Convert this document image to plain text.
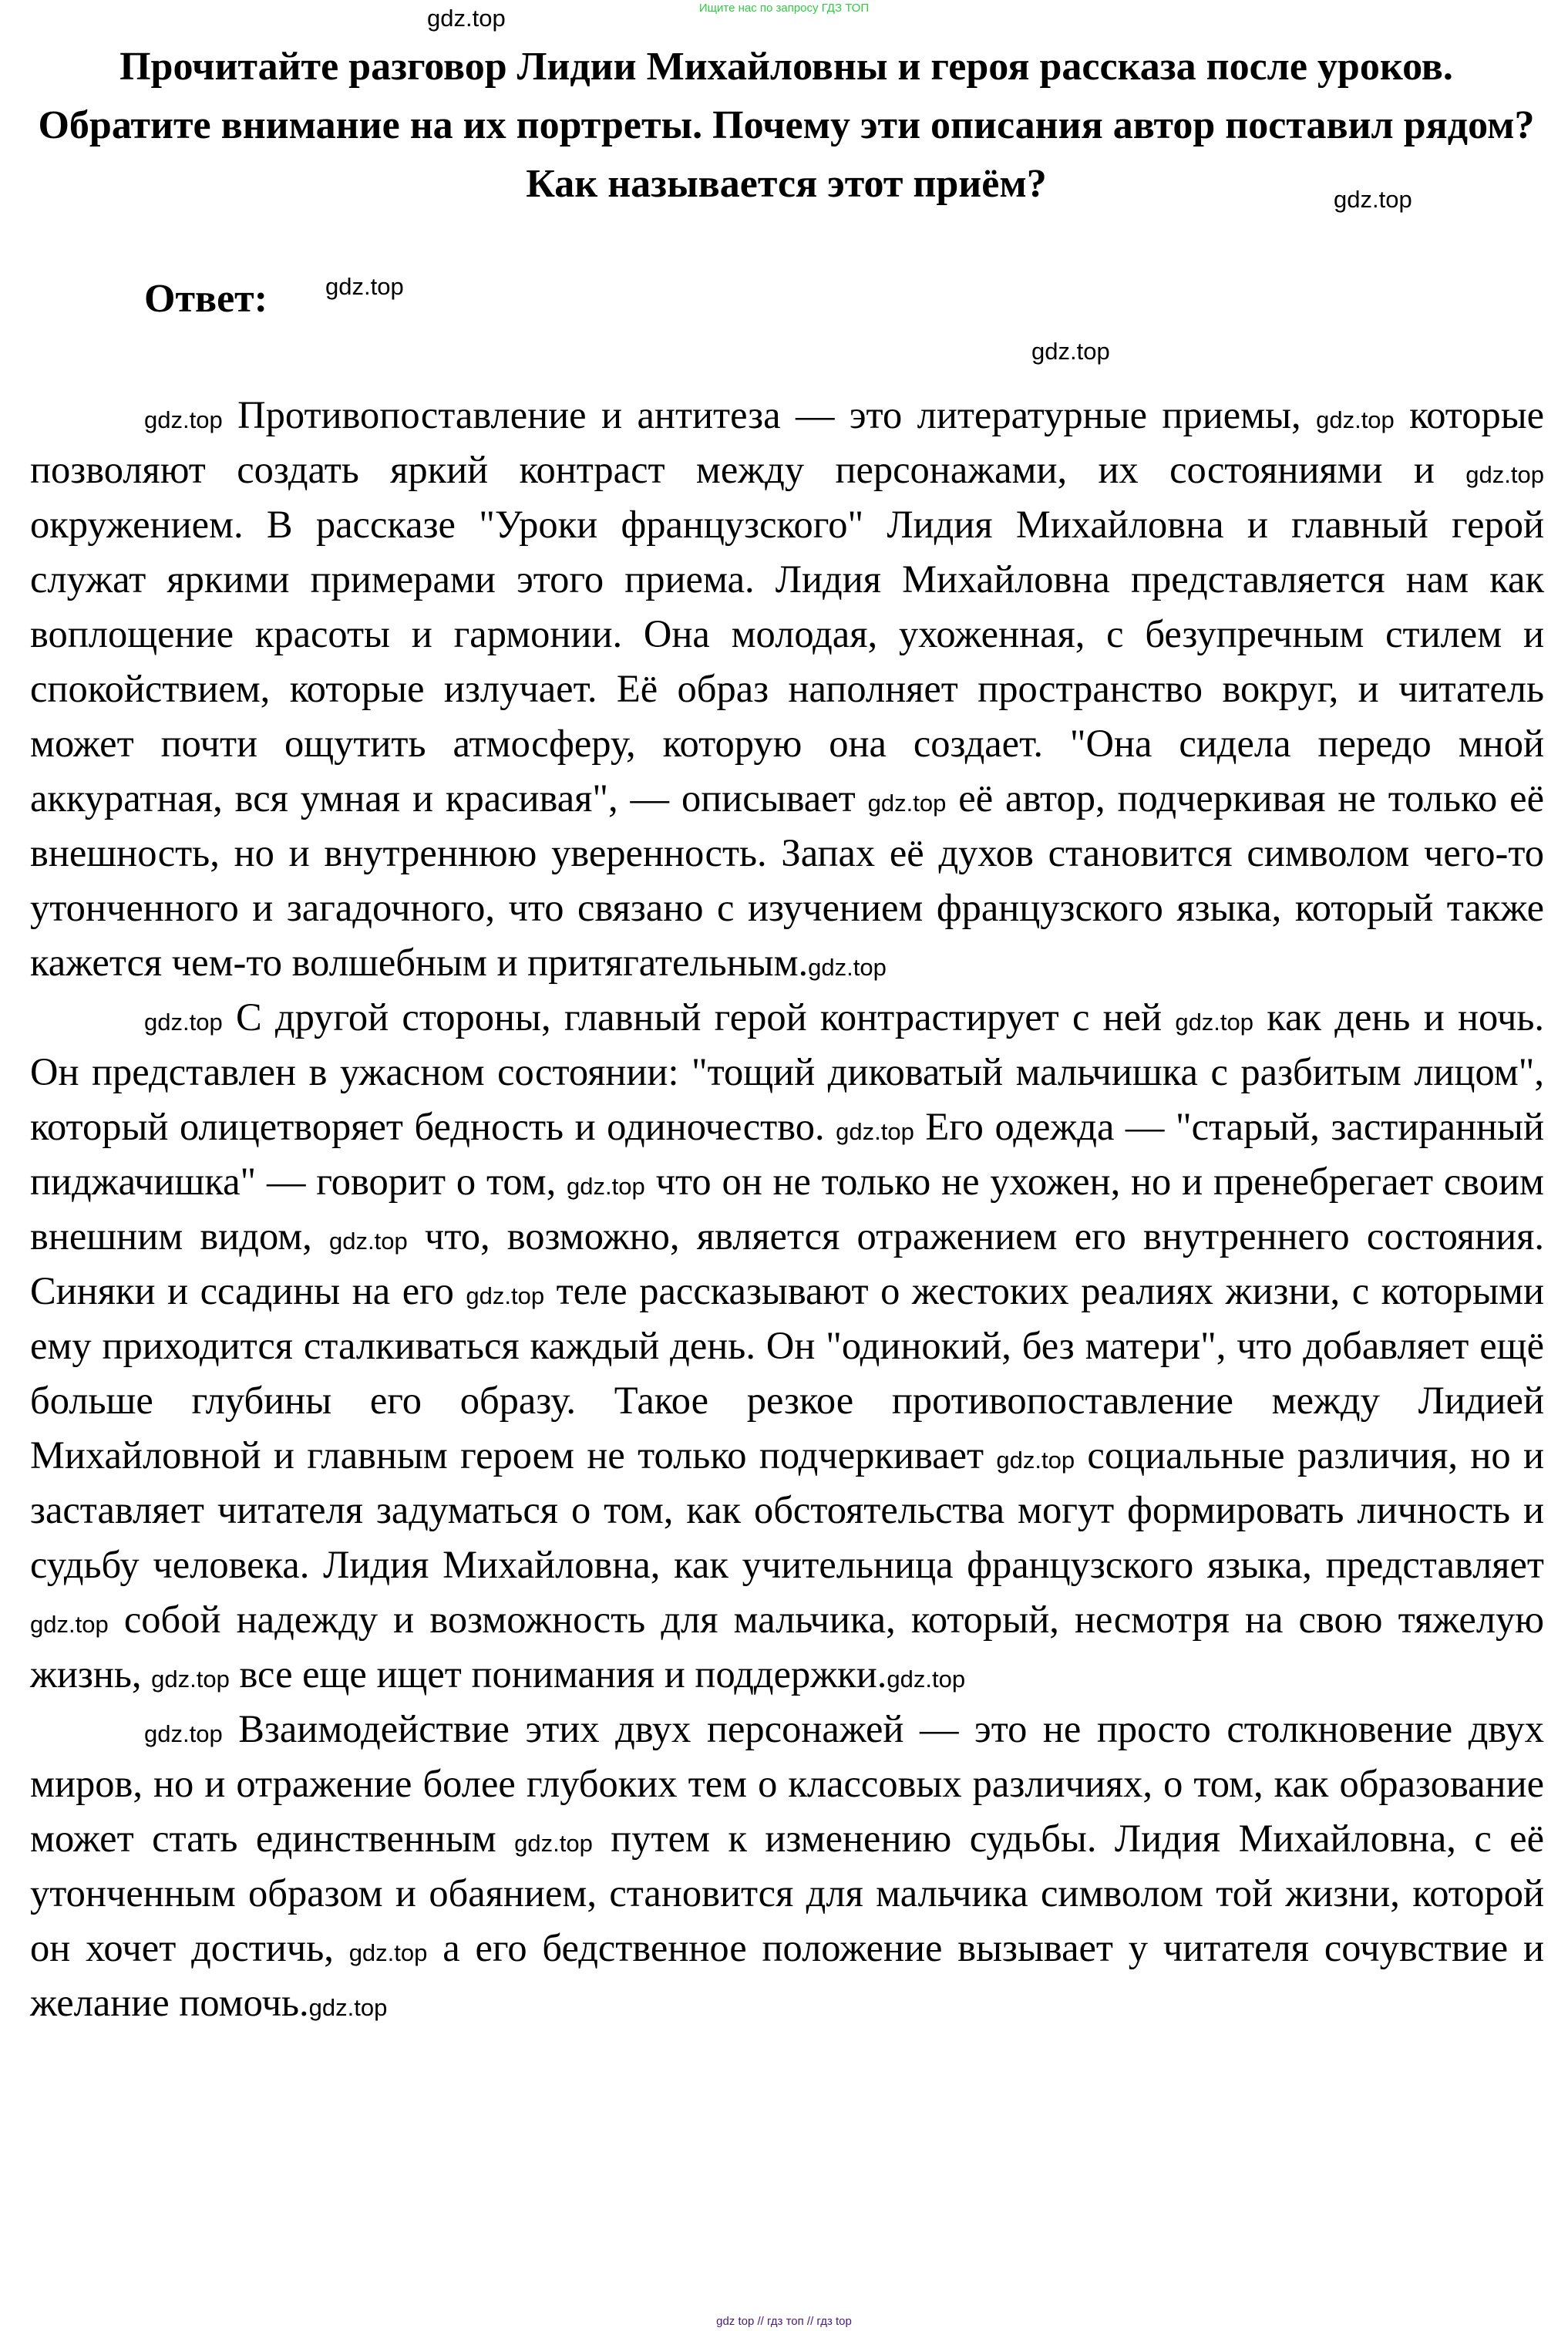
Ищите нас по запросу ГДЗ ТОП
Прочитайте разговор Лидии Михайловны и героя рассказа после уроков. Обратите внимание на их портреты. Почему эти описания автор поставил рядом? Как называется этот приём?
Ответ:

gdz.top Противопоставление и антитеза — это литературные приемы, gdz.top которые позволяют создать яркий контраст между персонажами, их состояниями и gdz.top окружением. В рассказе "Уроки французского" Лидия Михайловна и главный герой служат яркими примерами этого приема. Лидия Михайловна представляется нам как воплощение красоты и гармонии. Она молодая, ухоженная, с безупречным стилем и спокойствием, которые излучает. Её образ наполняет пространство вокруг, и читатель может почти ощутить атмосферу, которую она создает. "Она сидела передо мной аккуратная, вся умная и красивая", — описывает gdz.top её автор, подчеркивая не только её внешность, но и внутреннюю уверенность. Запах её духов становится символом чего-то утонченного и загадочного, что связано с изучением французского языка, который также кажется чем-то волшебным и притягательным.gdz.top

gdz.top С другой стороны, главный герой контрастирует с ней gdz.top как день и ночь. Он представлен в ужасном состоянии: "тощий диковатый мальчишка с разбитым лицом", который олицетворяет бедность и одиночество. gdz.top Его одежда — "старый, застиранный пиджачишка" — говорит о том, gdz.top что он не только не ухожен, но и пренебрегает своим внешним видом, gdz.top что, возможно, является отражением его внутреннего состояния. Синяки и ссадины на его gdz.top теле рассказывают о жестоких реалиях жизни, с которыми ему приходится сталкиваться каждый день. Он "одинокий, без матери", что добавляет ещё больше глубины его образу. Такое резкое противопоставление между Лидией Михайловной и главным героем не только подчеркивает gdz.top социальные различия, но и заставляет читателя задуматься о том, как обстоятельства могут формировать личность и судьбу человека. Лидия Михайловна, как учительница французского языка, представляет gdz.top собой надежду и возможность для мальчика, который, несмотря на свою тяжелую жизнь, gdz.top все еще ищет понимания и поддержки.gdz.top

gdz.top Взаимодействие этих двух персонажей — это не просто столкновение двух миров, но и отражение более глубоких тем о классовых различиях, о том, как образование может стать единственным gdz.top путем к изменению судьбы. Лидия Михайловна, с её утонченным образом и обаянием, становится для мальчика символом той жизни, которой он хочет достичь, gdz.top а его бедственное положение вызывает у читателя сочувствие и желание помочь.gdz.top

gdz.top
gdz.top
gdz.top
gdz.top
gdz top // гдз топ // гдз top
